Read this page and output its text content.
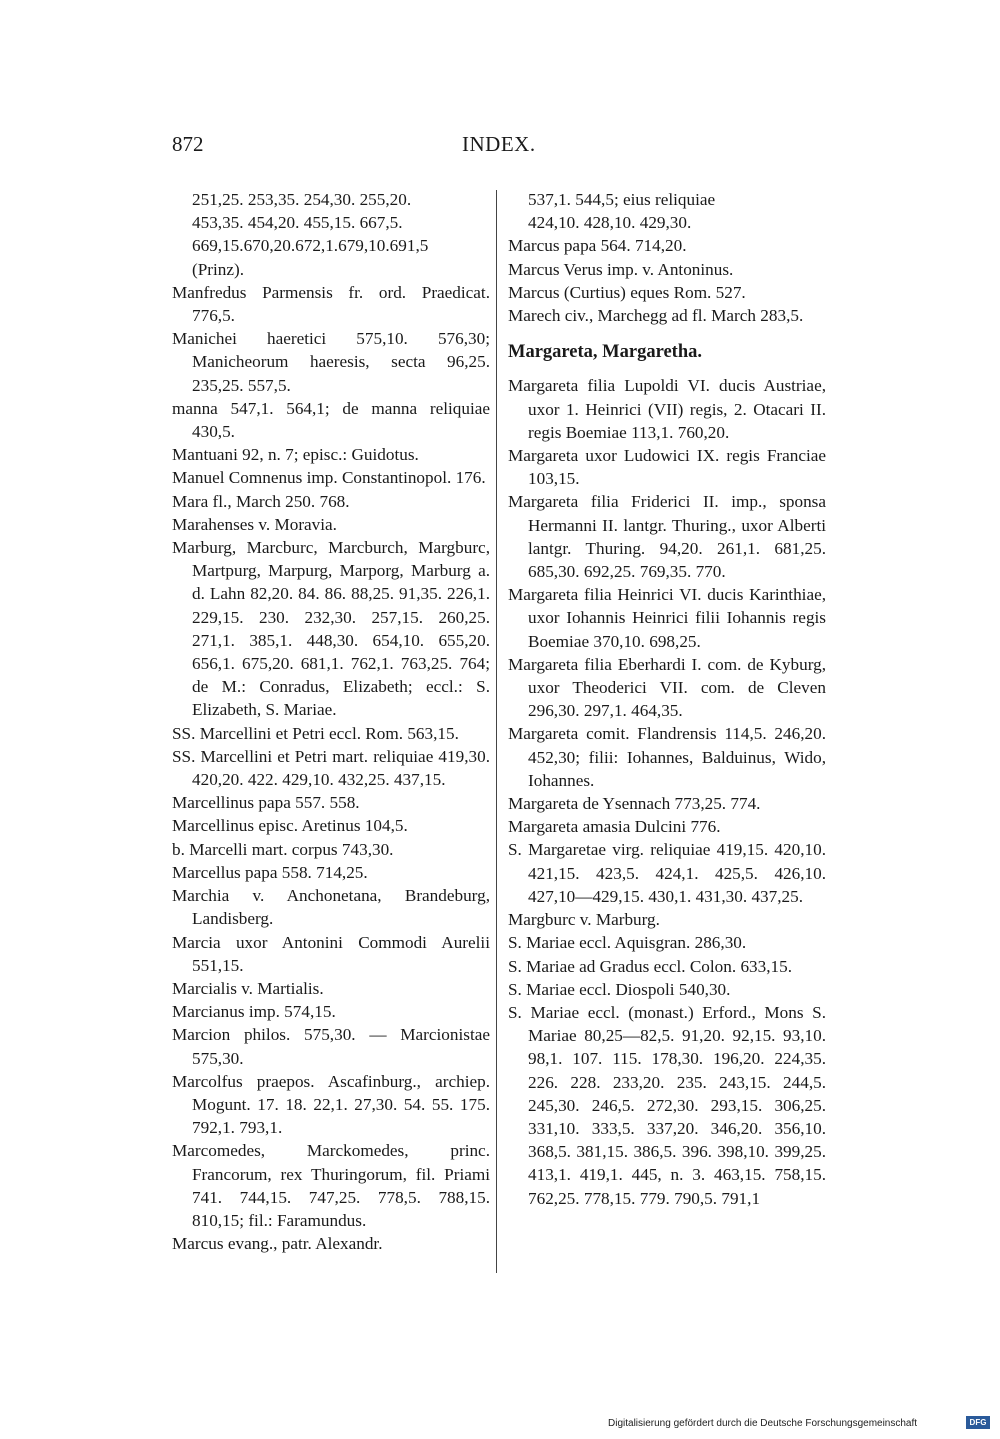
872	INDEX.

251,25. 253,35. 254,30. 255,20.
453,35. 454,20. 455,15. 667,5.
669,15.670,20.672,1.679,10.691,5
(Prinz).

Manfredus Parmensis fr. ord. Praedicat. 776,5.

Manichei haeretici 575,10. 576,30; Manicheorum haeresis, secta 96,25. 235,25. 557,5.

manna 547,1. 564,1; de manna reliquiae 430,5.

Mantuani 92, n. 7; episc.: Guidotus.

Manuel Comnenus imp. Constantinopol. 176.

Mara fl., March 250. 768.

Marahenses v. Moravia.

Marburg, Marcburc, Marcburch, Margburc, Martpurg, Marpurg, Marporg, Marburg a. d. Lahn 82,20. 84. 86. 88,25. 91,35. 226,1. 229,15. 230. 232,30. 257,15. 260,25. 271,1. 385,1. 448,30. 654,10. 655,20. 656,1. 675,20. 681,1. 762,1. 763,25. 764; de M.: Conradus, Elizabeth; eccl.: S. Elizabeth, S. Mariae.

SS. Marcellini et Petri eccl. Rom. 563,15.

SS. Marcellini et Petri mart. reliquiae 419,30. 420,20. 422. 429,10. 432,25. 437,15.

Marcellinus papa 557. 558.

Marcellinus episc. Aretinus 104,5.

b. Marcelli mart. corpus 743,30.

Marcellus papa 558. 714,25.

Marchia v. Anchonetana, Brandeburg, Landisberg.

Marcia uxor Antonini Commodi Aurelii 551,15.

Marcialis v. Martialis.

Marcianus imp. 574,15.

Marcion philos. 575,30. — Marcionistae 575,30.

Marcolfus praepos. Ascafinburg., archiep. Mogunt. 17. 18. 22,1. 27,30. 54. 55. 175. 792,1. 793,1.

Marcomedes, Marckomedes, princ. Francorum, rex Thuringorum, fil. Priami 741. 744,15. 747,25. 778,5. 788,15. 810,15; fil.: Faramundus.

Marcus evang., patr. Alexandr.

537,1. 544,5; eius reliquiae
424,10. 428,10. 429,30.

Marcus papa 564. 714,20.

Marcus Verus imp. v. Antoninus.

Marcus (Curtius) eques Rom. 527.

Marech civ., Marchegg ad fl. March 283,5.

Margareta, Margaretha.

Margareta filia Lupoldi VI. ducis Austriae, uxor 1. Heinrici (VII) regis, 2. Otacari II. regis Boemiae 113,1. 760,20.

Margareta uxor Ludowici IX. regis Franciae 103,15.

Margareta filia Friderici II. imp., sponsa Hermanni II. lantgr. Thuring., uxor Alberti lantgr. Thuring. 94,20. 261,1. 681,25. 685,30. 692,25. 769,35. 770.

Margareta filia Heinrici VI. ducis Karinthiae, uxor Iohannis Heinrici filii Iohannis regis Boemiae 370,10. 698,25.

Margareta filia Eberhardi I. com. de Kyburg, uxor Theoderici VII. com. de Cleven 296,30. 297,1. 464,35.

Margareta comit. Flandrensis 114,5. 246,20. 452,30; filii: Iohannes, Balduinus, Wido, Iohannes.

Margareta de Ysennach 773,25. 774.

Margareta amasia Dulcini 776.

S. Margaretae virg. reliquiae 419,15. 420,10. 421,15. 423,5. 424,1. 425,5. 426,10. 427,10—429,15. 430,1. 431,30. 437,25.

Margburc v. Marburg.

S. Mariae eccl. Aquisgran. 286,30.

S. Mariae ad Gradus eccl. Colon. 633,15.

S. Mariae eccl. Diospoli 540,30.

S. Mariae eccl. (monast.) Erford., Mons S. Mariae 80,25—82,5. 91,20. 92,15. 93,10. 98,1. 107. 115. 178,30. 196,20. 224,35. 226. 228. 233,20. 235. 243,15. 244,5. 245,30. 246,5. 272,30. 293,15. 306,25. 331,10. 333,5. 337,20. 346,20. 356,10. 368,5. 381,15. 386,5. 396. 398,10. 399,25. 413,1. 419,1. 445, n. 3. 463,15. 758,15. 762,25. 778,15. 779. 790,5. 791,1

Digitalisierung gefördert durch die Deutsche Forschungsgemeinschaft	DFG
